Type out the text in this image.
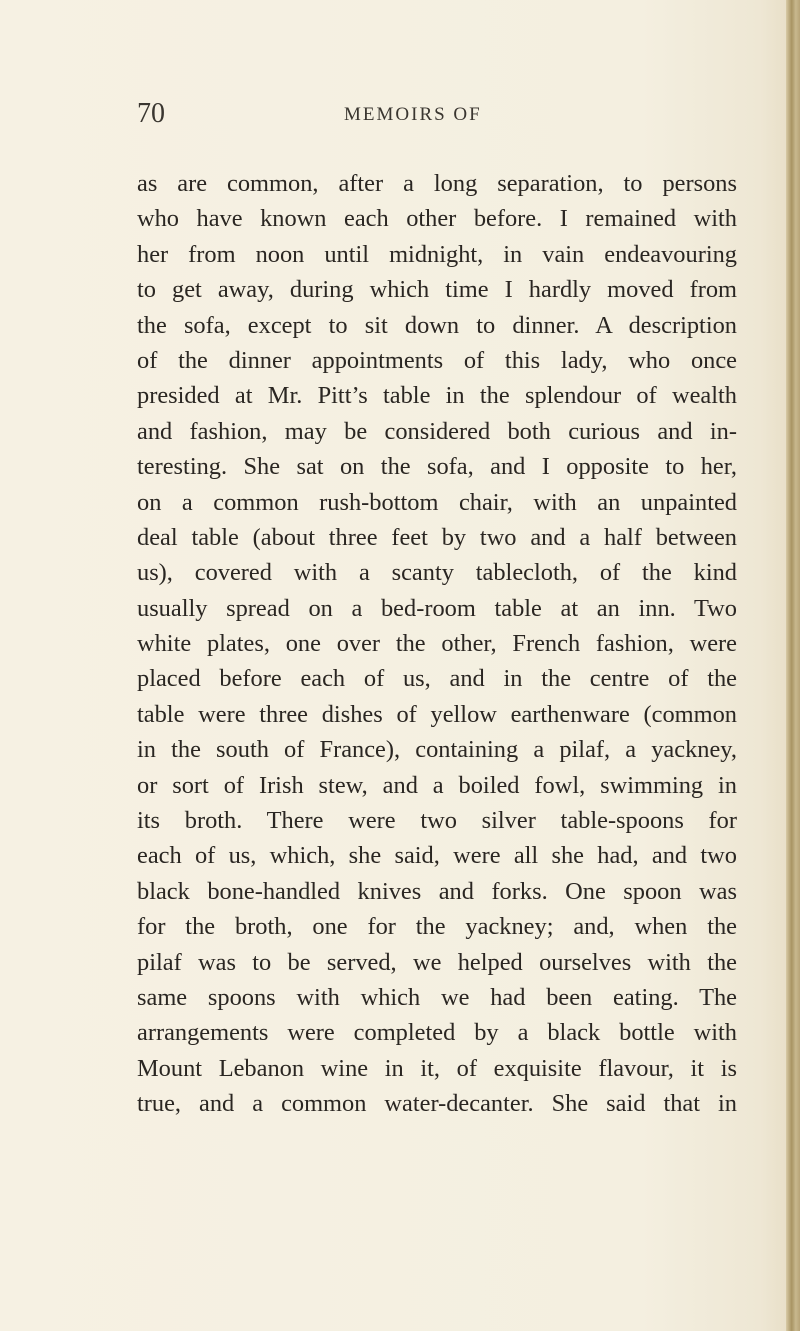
70	MEMOIRS OF
as are common, after a long separation, to persons
who have known each other before. I remained with
her from noon until midnight, in vain endeavouring
to get away, during which time I hardly moved from
the sofa, except to sit down to dinner. A description
of the dinner appointments of this lady, who once
presided at Mr. Pitt’s table in the splendour of wealth
and fashion, may be considered both curious and in-
teresting. She sat on the sofa, and I opposite to her,
on a common rush-bottom chair, with an unpainted
deal table (about three feet by two and a half between
us), covered with a scanty tablecloth, of the kind
usually spread on a bed-room table at an inn. Two
white plates, one over the other, French fashion, were
placed before each of us, and in the centre of the
table were three dishes of yellow earthenware (common
in the south of France), containing a pilaf, a yackney,
or sort of Irish stew, and a boiled fowl, swimming in
its broth. There were two silver table-spoons for
each of us, which, she said, were all she had, and two
black bone-handled knives and forks. One spoon was
for the broth, one for the yackney; and, when the
pilaf was to be served, we helped ourselves with the
same spoons with which we had been eating. The
arrangements were completed by a black bottle with
Mount Lebanon wine in it, of exquisite flavour, it is
true, and a common water-decanter. She said that in
